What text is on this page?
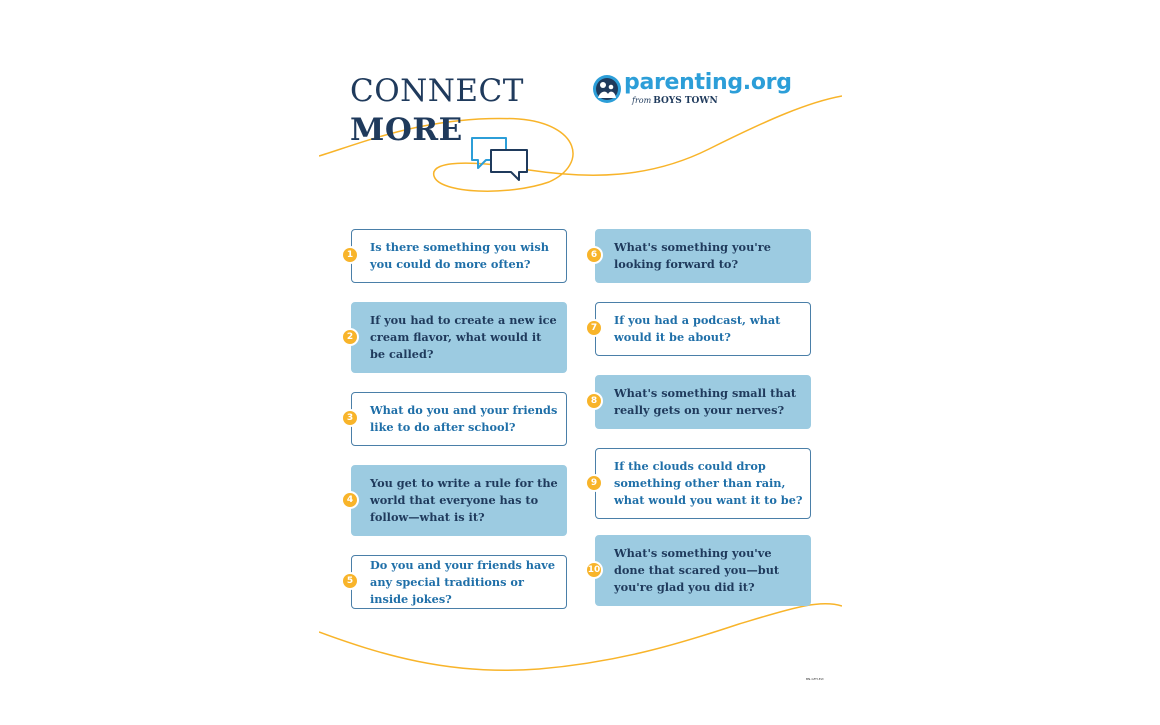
CONNECT
MORE
parenting.org
from BOYS TOWN
Is there something you wish you could do more often?
1
If you had to create a new ice cream flavor, what would it be called?
2
What do you and your friends like to do after school?
3
You get to write a rule for the world that everyone has to follow—what is it?
4
Do you and your friends have any special traditions or inside jokes?
5
What's something you're looking forward to?
6
If you had a podcast, what would it be about?
7
What's something small that really gets on your nerves?
8
If the clouds could drop something other than rain, what would you want it to be?
9
What's something you've done that scared you—but you're glad you did it?
10
BN-GFH-Ext
